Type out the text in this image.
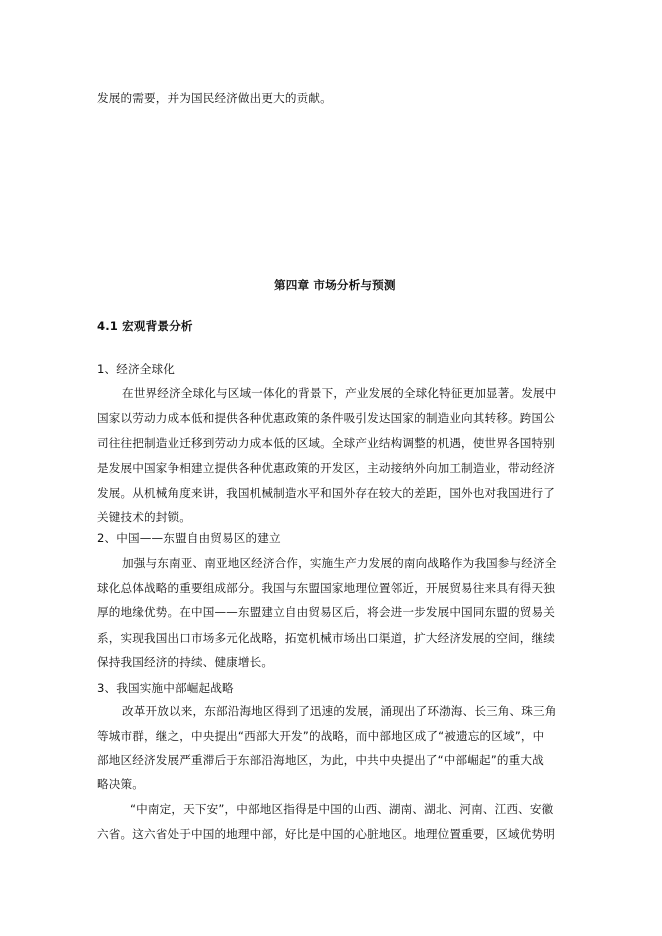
发展的需要，并为国民经济做出更大的贡献。

第四章 市场分析与预测

4.1 宏观背景分析

1、经济全球化

在世界经济全球化与区域一体化的背景下，产业发展的全球化特征更加显著。发展中

国家以劳动力成本低和提供各种优惠政策的条件吸引发达国家的制造业向其转移。跨国公

司往往把制造业迁移到劳动力成本低的区域。全球产业结构调整的机遇，使世界各国特别

是发展中国家争相建立提供各种优惠政策的开发区，主动接纳外向加工制造业，带动经济

发展。从机械角度来讲，我国机械制造水平和国外存在较大的差距，国外也对我国进行了

关键技术的封锁。

2、中国——东盟自由贸易区的建立

加强与东南亚、南亚地区经济合作，实施生产力发展的南向战略作为我国参与经济全

球化总体战略的重要组成部分。我国与东盟国家地理位置邻近，开展贸易往来具有得天独

厚的地缘优势。在中国——东盟建立自由贸易区后，将会进一步发展中国同东盟的贸易关

系，实现我国出口市场多元化战略，拓宽机械市场出口渠道，扩大经济发展的空间，继续

保持我国经济的持续、健康增长。

3、我国实施中部崛起战略

改革开放以来，东部沿海地区得到了迅速的发展，涌现出了环渤海、长三角、珠三角

等城市群，继之，中央提出“西部大开发”的战略，而中部地区成了“被遗忘的区域”，中

部地区经济发展严重滞后于东部沿海地区，为此，中共中央提出了“中部崛起”的重大战

略决策。

“中南定，天下安”，中部地区指得是中国的山西、湖南、湖北、河南、江西、安徽

六省。这六省处于中国的地理中部，好比是中国的心脏地区。地理位置重要，区域优势明
